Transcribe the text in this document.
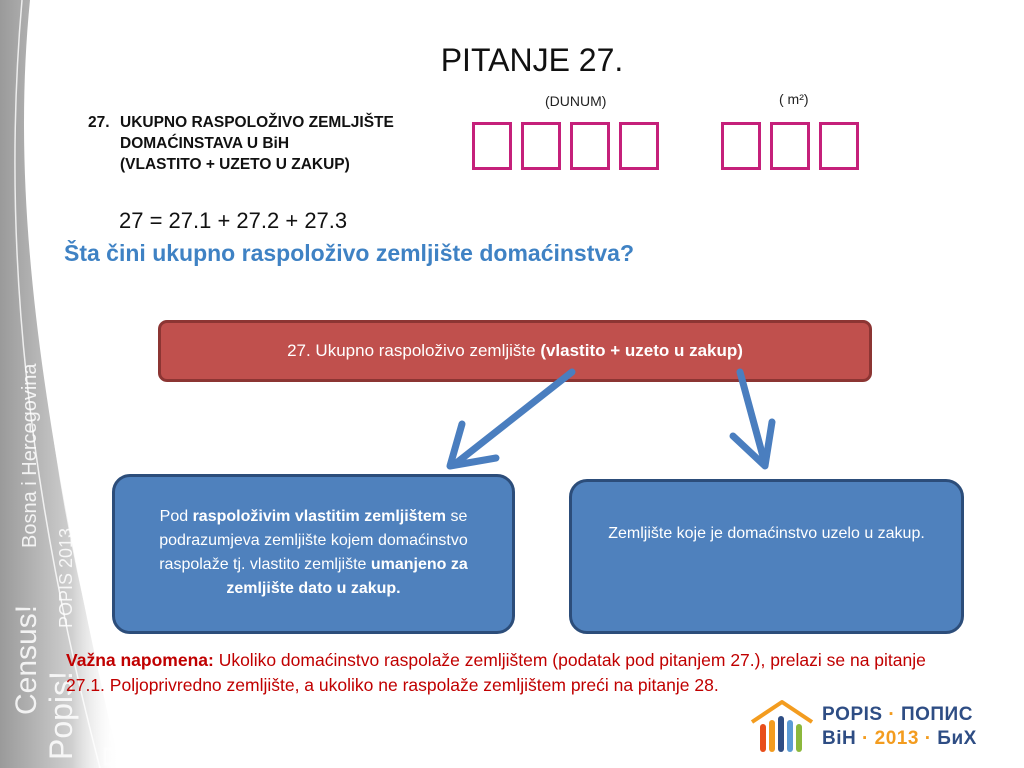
Census!
Popis! Попис!
Bosna i Hercegovina
POPIS 2013. Босна и Херцеговина
PITANJE 27.
27. UKUPNO RASPOLOŽIVO ZEMLJIŠTE
DOMAĆINSTAVA U BiH
(VLASTITO + UZETO U ZAKUP)
(DUNUM)	( m²)
27 = 27.1 + 27.2 + 27.3
Šta čini ukupno raspoloživo zemljište domaćinstva?
27. Ukupno raspoloživo zemljište (vlastito + uzeto u zakup)
Pod raspoloživim vlastitim zemljištem se podrazumjeva zemljište kojem domaćinstvo raspolaže tj. vlastito zemljište umanjeno za zemljište dato u zakup.
Zemljište koje je domaćinstvo uzelo u zakup.
Važna napomena: Ukoliko domaćinstvo raspolaže zemljištem (podatak pod pitanjem 27.), prelazi se na pitanje 27.1. Poljoprivredno zemljište, a ukoliko ne raspolaže zemljištem preći na pitanje 28.
POPIS · ПОПИС
BiH · 2013 · БиХ
